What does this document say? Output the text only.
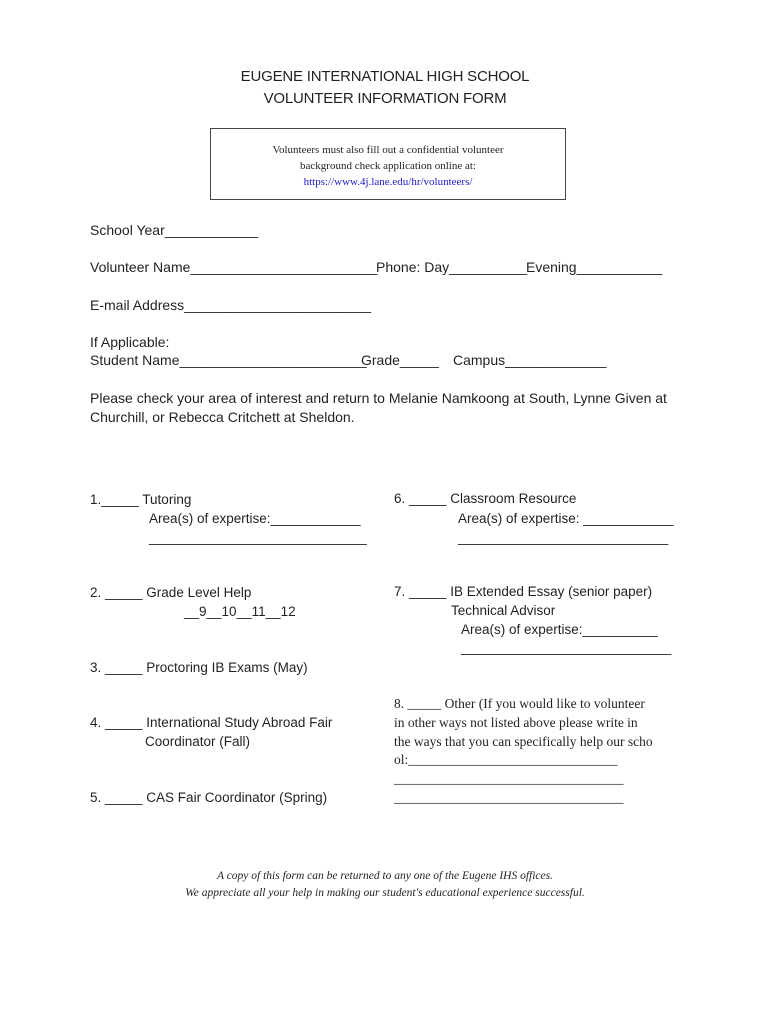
EUGENE INTERNATIONAL HIGH SCHOOL
VOLUNTEER INFORMATION FORM
Volunteers must also fill out a confidential volunteer
background check application online at:
https://www.4j.lane.edu/hr/volunteers/
School Year____________
Volunteer Name________________________
Phone: Day__________
Evening___________
E-mail Address________________________
If Applicable:
Student Name________________________
Grade_____ Campus_____________
Please check your area of interest and return to Melanie Namkoong at South, Lynne Given at
Churchill, or Rebecca Critchett at Sheldon.
1._____ Tutoring
Area(s) of expertise:____________
_____________________________
2. _____ Grade Level Help
__9__10__11__12
3. _____ Proctoring IB Exams (May)
4. _____ International Study Abroad Fair
Coordinator (Fall)
5. _____ CAS Fair Coordinator (Spring)
6. _____ Classroom Resource
Area(s) of expertise: ____________
____________________________
7. _____ IB Extended Essay (senior paper)
Technical Advisor
Area(s) of expertise:__________
____________________________
8. _____ Other (If you would like to volunteer
in other ways not listed above please write in
the ways that you can specifically help our scho
ol:_______________________________
__________________________________
__________________________________
A copy of this form can be returned to any one of the Eugene IHS offices.
We appreciate all your help in making our student's educational experience successful.
